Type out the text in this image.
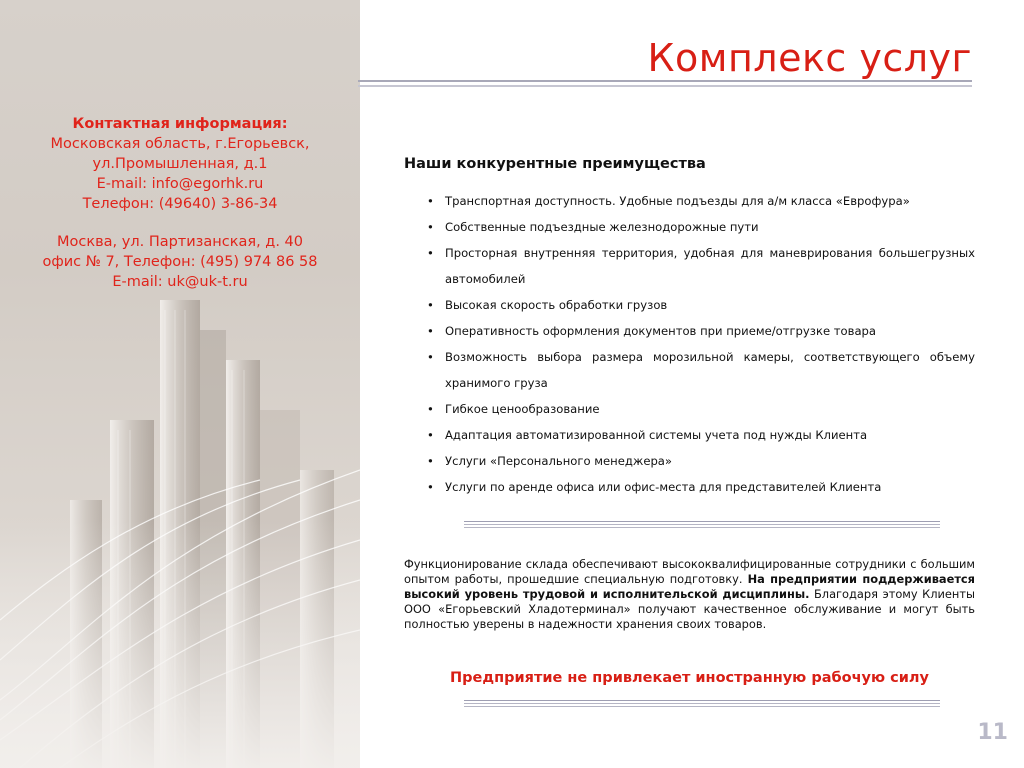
Контактная информация:
Московская область, г.Егорьевск,
ул.Промышленная, д.1
E-mail: info@egorhk.ru
Телефон: (49640) 3-86-34
Москва, ул. Партизанская, д. 40
офис № 7, Телефон: (495) 974 86 58
E-mail: uk@uk-t.ru
Комплекс услуг
Наши конкурентные преимущества
• Транспортная доступность. Удобные подъезды для а/м класса «Еврофура»
• Собственные подъездные железнодорожные пути
• Просторная внутренняя территория, удобная для маневрирования большегрузных автомобилей
• Высокая скорость обработки грузов
• Оперативность оформления документов при приеме/отгрузке товара
• Возможность выбора размера морозильной камеры, соответствующего объему хранимого груза
• Гибкое ценообразование
• Адаптация автоматизированной системы учета под нужды Клиента
• Услуги «Персонального менеджера»
• Услуги по аренде офиса или офис-места для представителей Клиента
Функционирование склада обеспечивают высококвалифицированные сотрудники с большим опытом работы, прошедшие специальную подготовку. На предприятии поддерживается высокий уровень трудовой и исполнительской дисциплины. Благодаря этому Клиенты ООО «Егорьевский Хладотерминал» получают качественное обслуживание и могут быть полностью уверены в надежности хранения своих товаров.
Предприятие не привлекает иностранную рабочую силу
11
